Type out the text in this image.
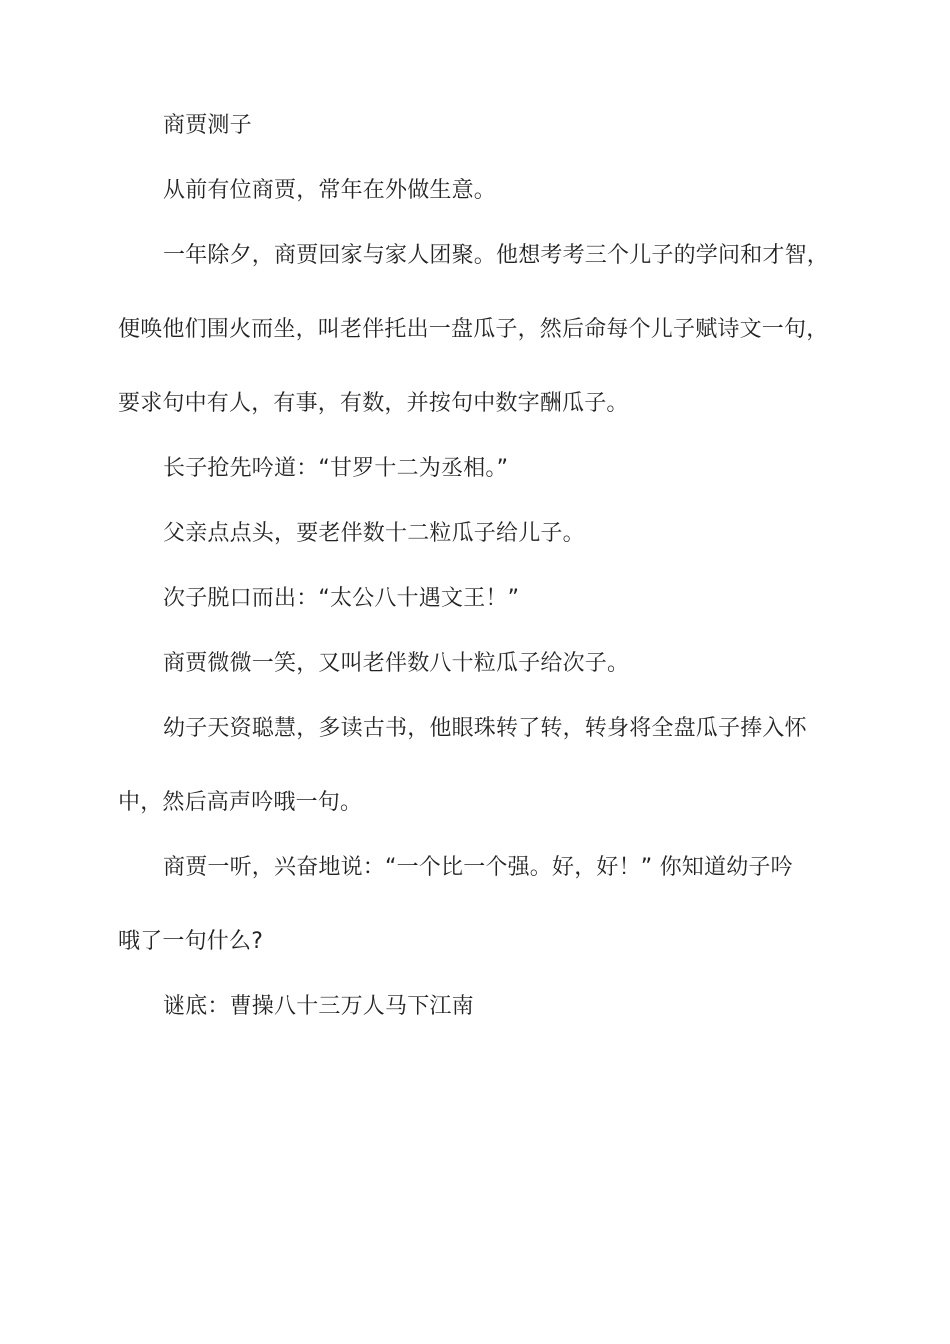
商贾测子
从前有位商贾，常年在外做生意。
一年除夕，商贾回家与家人团聚。他想考考三个儿子的学问和才智，
便唤他们围火而坐，叫老伴托出一盘瓜子，然后命每个儿子赋诗文一句，
要求句中有人，有事，有数，并按句中数字酬瓜子。
长子抢先吟道：“甘罗十二为丞相。”
父亲点点头，要老伴数十二粒瓜子给儿子。
次子脱口而出：“太公八十遇文王！”
商贾微微一笑，又叫老伴数八十粒瓜子给次子。
幼子天资聪慧，多读古书，他眼珠转了转，转身将全盘瓜子捧入怀
中，然后高声吟哦一句。
商贾一听，兴奋地说：“一个比一个强。好，好！” 你知道幼子吟
哦了一句什么?
谜底：曹操八十三万人马下江南
